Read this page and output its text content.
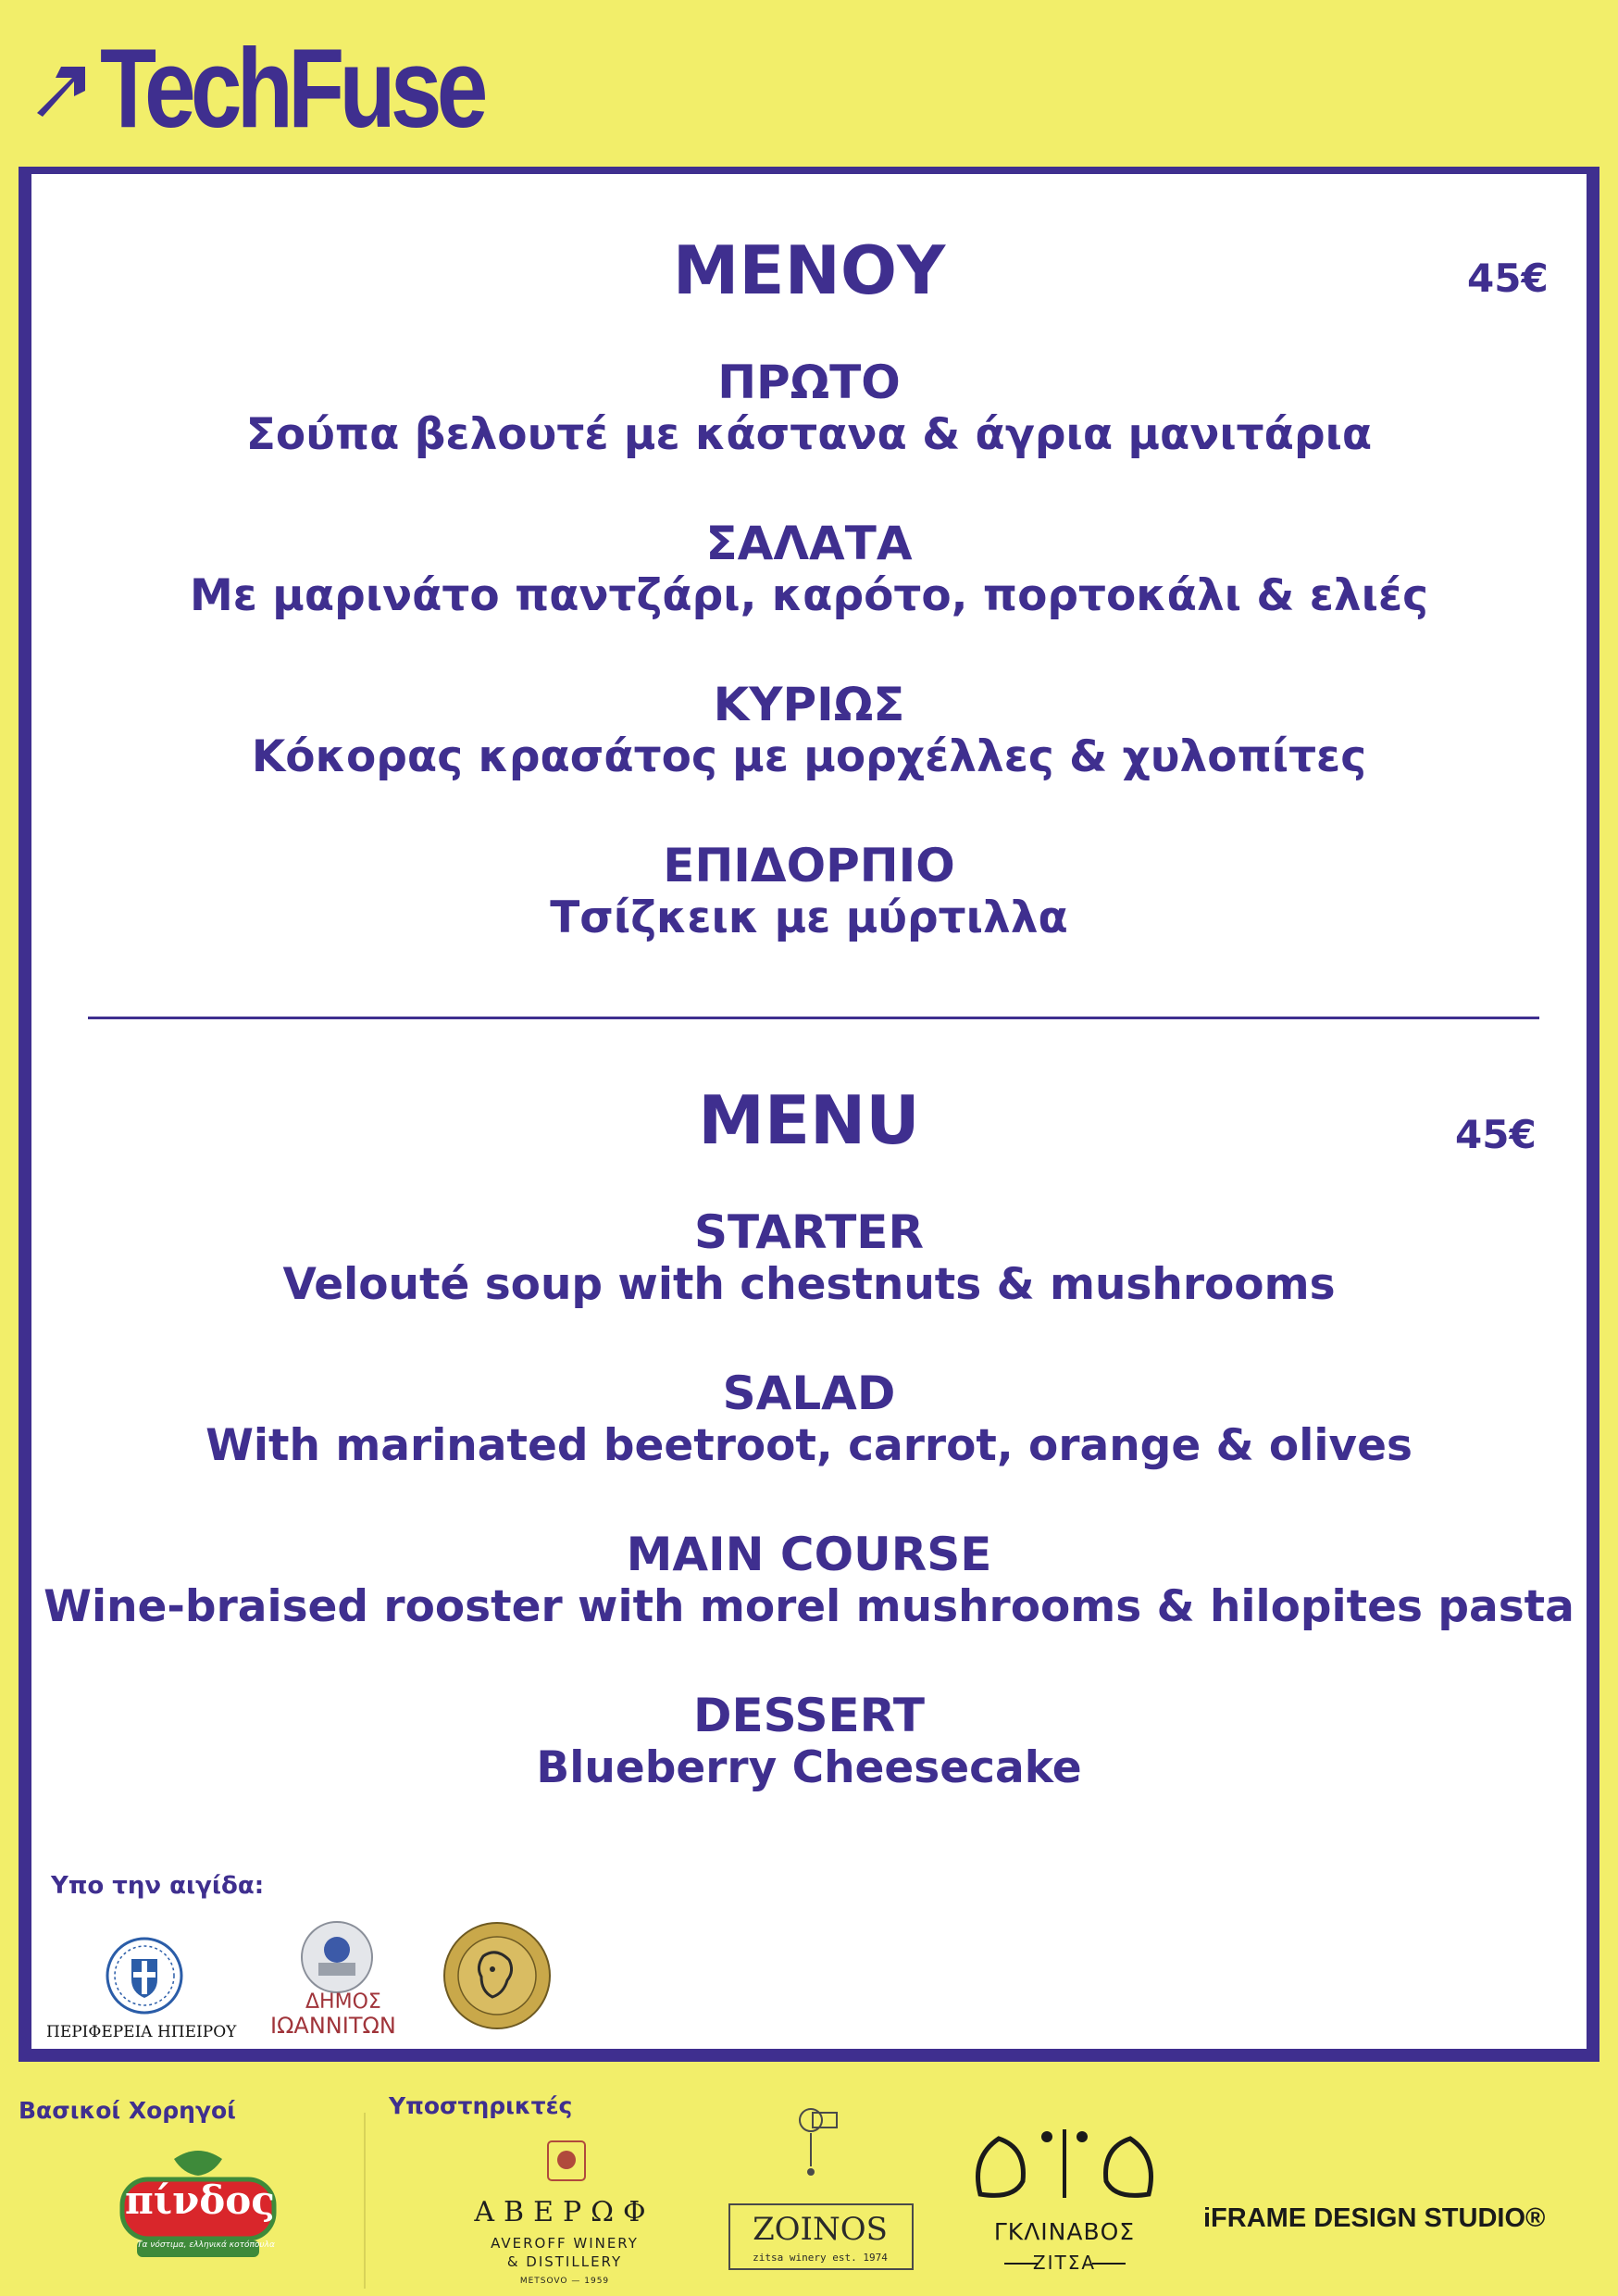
TechFuse
ΜΕΝΟΥ	45€
ΠΡΩΤΟ
Σούπα βελουτέ με κάστανα & άγρια μανιτάρια
ΣΑΛΑΤΑ
Με μαρινάτο παντζάρι, καρότο, πορτοκάλι & ελιές
ΚΥΡΙΩΣ
Κόκορας κρασάτος με μορχέλλες & χυλοπίτες
ΕΠΙΔΟΡΠΙΟ
Τσίζκεικ με μύρτιλλα
MENU	45€
STARTER
Velouté soup with chestnuts & mushrooms
SALAD
With marinated beetroot, carrot, orange & olives
MAIN COURSE
Wine-braised rooster with morel mushrooms & hilopites pasta
DESSERT
Blueberry Cheesecake
Υπο την αιγίδα:
ΠΕΡΙΦΕΡΕΙΑ ΗΠΕΙΡΟΥ
ΔΗΜΟΣ
ΙΩΑΝΝΙΤΩΝ
Βασικοί Χορηγοί	Υποστηρικτές
πίνδος
Τα νόστιμα, ελληνικά κοτόπουλα
ΑΒΕΡΩΦ
AVEROFF WINERY
& DISTILLERY
METSOVO — 1959
ZOINOS
zitsa winery est. 1974
ΓΚΛΙΝΑΒΟΣ
ΖΙΤΣΑ
iFRAME DESIGN STUDIO®
